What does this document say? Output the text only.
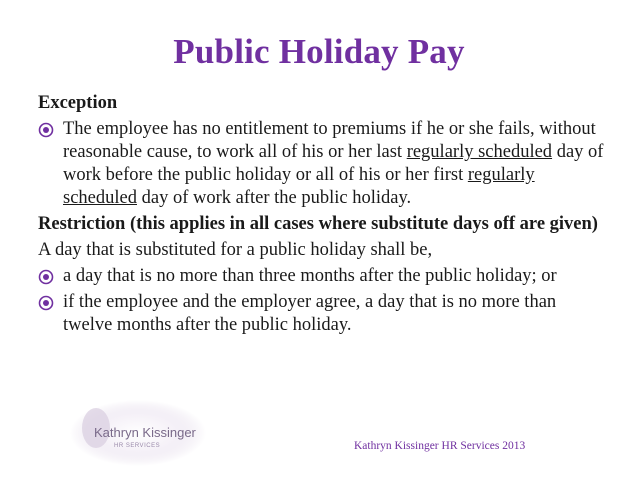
Public Holiday Pay

Exception

The employee has no entitlement to premiums if he or she fails, without reasonable cause, to work all of his or her last regularly scheduled day of work before the public holiday or all of his or her first regularly scheduled day of work after the public holiday.

Restriction (this applies in all cases where substitute days off are given)

A day that is substituted for a public holiday shall be,

a day that is no more than three months after the public holiday; or

if the employee and the employer agree, a day that is no more than twelve months after the public holiday.

Kathryn Kissinger
HR SERVICES	Kathryn Kissinger HR Services 2013
